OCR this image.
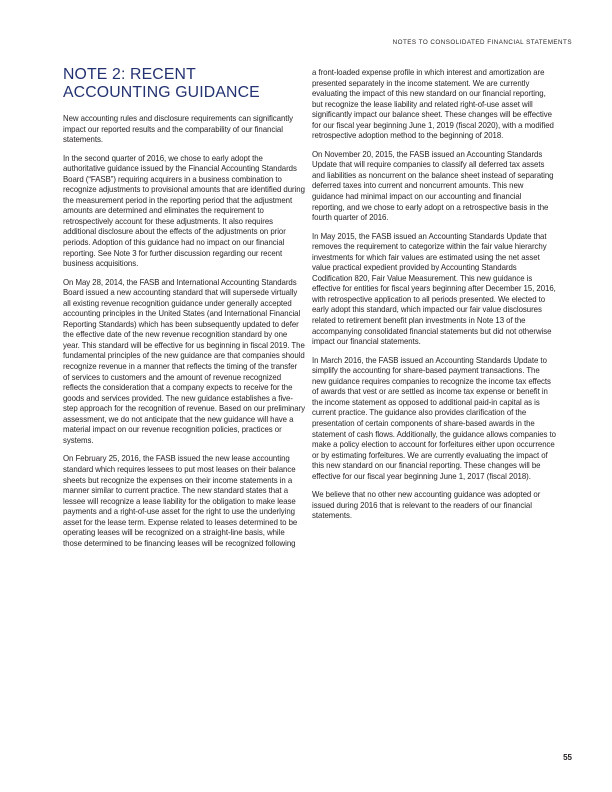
NOTES TO CONSOLIDATED FINANCIAL STATEMENTS
NOTE 2: RECENT ACCOUNTING GUIDANCE

New accounting rules and disclosure requirements can significantly impact our reported results and the comparability of our financial statements.

In the second quarter of 2016, we chose to early adopt the authoritative guidance issued by the Financial Accounting Standards Board (“FASB”) requiring acquirers in a business combination to recognize adjustments to provisional amounts that are identified during the measurement period in the reporting period that the adjustment amounts are determined and eliminates the requirement to retrospectively account for these adjustments. It also requires additional disclosure about the effects of the adjustments on prior periods. Adoption of this guidance had no impact on our financial reporting. See Note 3 for further discussion regarding our recent business acquisitions.

On May 28, 2014, the FASB and International Accounting Standards Board issued a new accounting standard that will supersede virtually all existing revenue recognition guidance under generally accepted accounting principles in the United States (and International Financial Reporting Standards) which has been subsequently updated to defer the effective date of the new revenue recognition standard by one year. This standard will be effective for us beginning in fiscal 2019. The fundamental principles of the new guidance are that companies should recognize revenue in a manner that reflects the timing of the transfer of services to customers and the amount of revenue recognized reflects the consideration that a company expects to receive for the goods and services provided. The new guidance establishes a five-step approach for the recognition of revenue. Based on our preliminary assessment, we do not anticipate that the new guidance will have a material impact on our revenue recognition policies, practices or systems.

On February 25, 2016, the FASB issued the new lease accounting standard which requires lessees to put most leases on their balance sheets but recognize the expenses on their income statements in a manner similar to current practice. The new standard states that a lessee will recognize a lease liability for the obligation to make lease payments and a right-of-use asset for the right to use the underlying asset for the lease term. Expense related to leases determined to be operating leases will be recognized on a straight-line basis, while those determined to be financing leases will be recognized following

a front-loaded expense profile in which interest and amortization are presented separately in the income statement. We are currently evaluating the impact of this new standard on our financial reporting, but recognize the lease liability and related right-of-use asset will significantly impact our balance sheet. These changes will be effective for our fiscal year beginning June 1, 2019 (fiscal 2020), with a modified retrospective adoption method to the beginning of 2018.

On November 20, 2015, the FASB issued an Accounting Standards Update that will require companies to classify all deferred tax assets and liabilities as noncurrent on the balance sheet instead of separating deferred taxes into current and noncurrent amounts. This new guidance had minimal impact on our accounting and financial reporting, and we chose to early adopt on a retrospective basis in the fourth quarter of 2016.

In May 2015, the FASB issued an Accounting Standards Update that removes the requirement to categorize within the fair value hierarchy investments for which fair values are estimated using the net asset value practical expedient provided by Accounting Standards Codification 820, Fair Value Measurement. This new guidance is effective for entities for fiscal years beginning after December 15, 2016, with retrospective application to all periods presented. We elected to early adopt this standard, which impacted our fair value disclosures related to retirement benefit plan investments in Note 13 of the accompanying consolidated financial statements but did not otherwise impact our financial statements.

In March 2016, the FASB issued an Accounting Standards Update to simplify the accounting for share-based payment transactions. The new guidance requires companies to recognize the income tax effects of awards that vest or are settled as income tax expense or benefit in the income statement as opposed to additional paid-in capital as is current practice. The guidance also provides clarification of the presentation of certain components of share-based awards in the statement of cash flows. Additionally, the guidance allows companies to make a policy election to account for forfeitures either upon occurrence or by estimating forfeitures. We are currently evaluating the impact of this new standard on our financial reporting. These changes will be effective for our fiscal year beginning June 1, 2017 (fiscal 2018).

We believe that no other new accounting guidance was adopted or issued during 2016 that is relevant to the readers of our financial statements.

55
